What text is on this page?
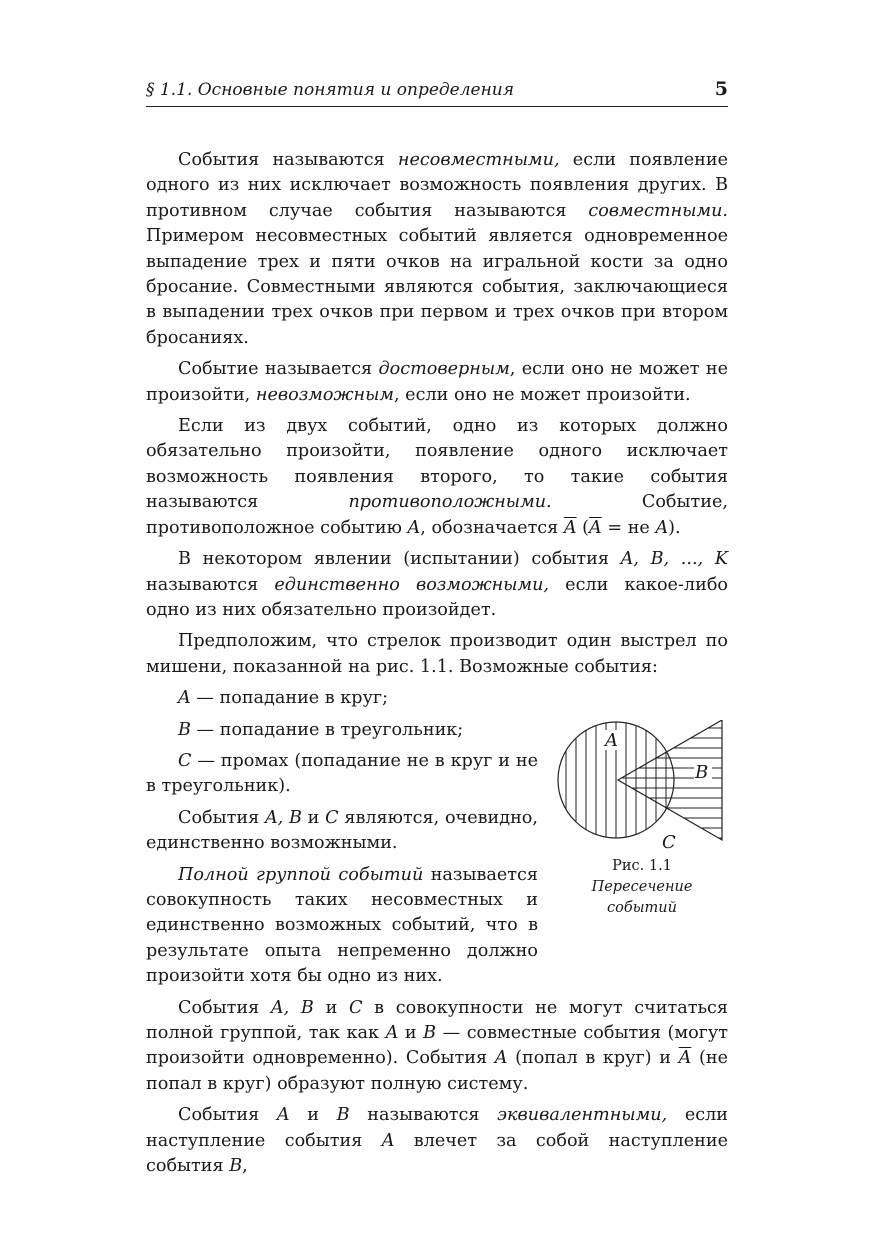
§ 1.1. Основные понятия и определения	5

События называются несовместными, если появление одного из них исключает возможность появления других. В противном случае события называются совместными. Примером несовместных событий является одновременное выпадение трех и пяти очков на игральной кости за одно бросание. Совместными являются события, заключающиеся в выпадении трех очков при первом и трех очков при втором бросаниях.

Событие называется достоверным, если оно не может не произойти, невозможным, если оно не может произойти.

Если из двух событий, одно из которых должно обязательно произойти, появление одного исключает возможность появления второго, то такие события называются противоположными. Событие, противоположное событию A, обозначается $\overline{A}$ ($\overline{A}$ = не A).

В некотором явлении (испытании) события A, B, ..., K называются единственно возможными, если какое-либо одно из них обязательно произойдет.

Предположим, что стрелок производит один выстрел по мишени, показанной на рис. 1.1. Возможные события:

A — попадание в круг;

B — попадание в треугольник;

C — промах (попадание не в круг и не в треугольник).

События A, B и C являются, очевидно, единственно возможными.

Полной группой событий называется совокупность таких несовместных и единственно возможных событий, что в результате опыта непременно должно произойти хотя бы одно из них.

A
B
C
Рис. 1.1
Пересечение событий

События A, B и C в совокупности не могут считаться полной группой, так как A и B — совместные события (могут произойти одновременно). События A (попал в круг) и $\overline{A}$ (не попал в круг) образуют полную систему.

События A и B называются эквивалентными, если наступление события A влечет за собой наступление события B,
